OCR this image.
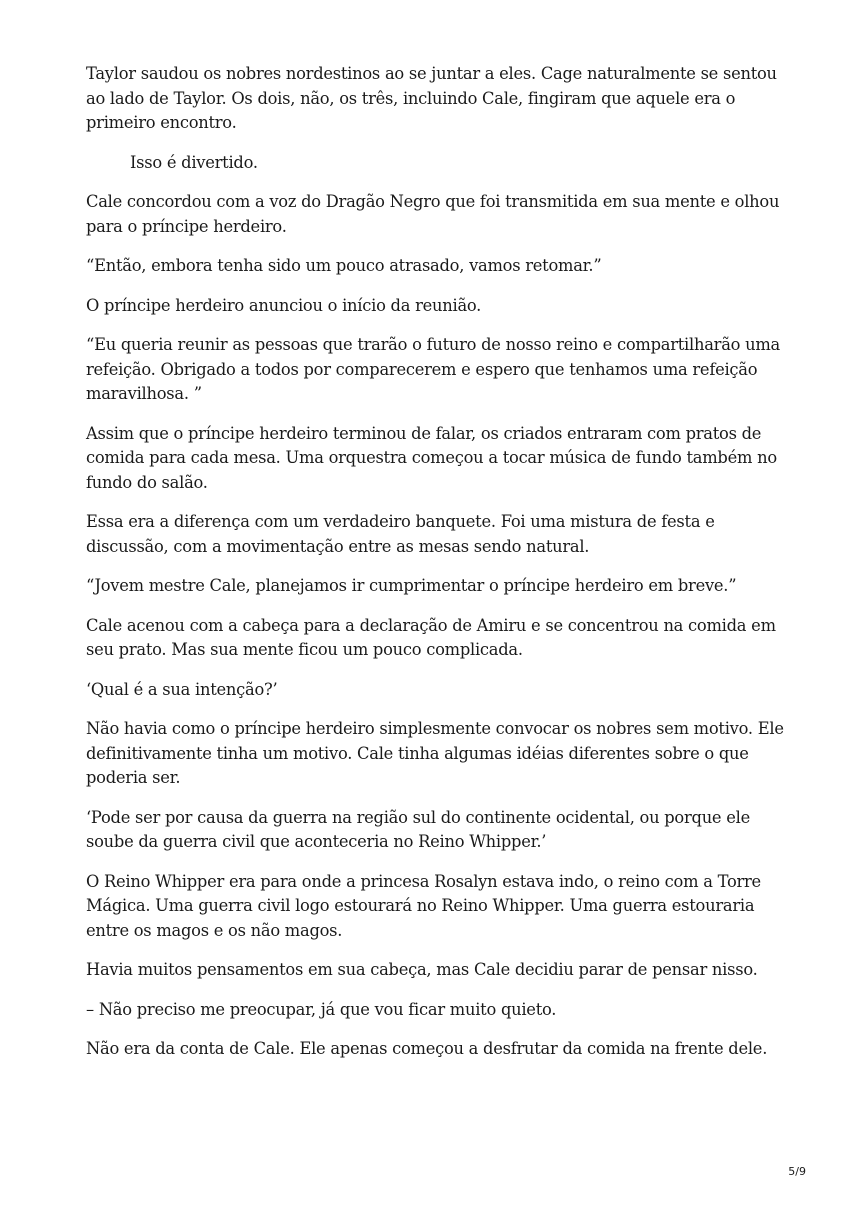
Taylor saudou os nobres nordestinos ao se juntar a eles. Cage naturalmente se sentou ao lado de Taylor. Os dois, não, os três, incluindo Cale, fingiram que aquele era o primeiro encontro.

Isso é divertido.

Cale concordou com a voz do Dragão Negro que foi transmitida em sua mente e olhou para o príncipe herdeiro.

“Então, embora tenha sido um pouco atrasado, vamos retomar.”

O príncipe herdeiro anunciou o início da reunião.

“Eu queria reunir as pessoas que trarão o futuro de nosso reino e compartilharão uma refeição. Obrigado a todos por comparecerem e espero que tenhamos uma refeição maravilhosa. ”

Assim que o príncipe herdeiro terminou de falar, os criados entraram com pratos de comida para cada mesa. Uma orquestra começou a tocar música de fundo também no fundo do salão.

Essa era a diferença com um verdadeiro banquete. Foi uma mistura de festa e discussão, com a movimentação entre as mesas sendo natural.

“Jovem mestre Cale, planejamos ir cumprimentar o príncipe herdeiro em breve.”

Cale acenou com a cabeça para a declaração de Amiru e se concentrou na comida em seu prato. Mas sua mente ficou um pouco complicada.

‘Qual é a sua intenção?’

Não havia como o príncipe herdeiro simplesmente convocar os nobres sem motivo. Ele definitivamente tinha um motivo. Cale tinha algumas idéias diferentes sobre o que poderia ser.

‘Pode ser por causa da guerra na região sul do continente ocidental, ou porque ele soube da guerra civil que aconteceria no Reino Whipper.’

O Reino Whipper era para onde a princesa Rosalyn estava indo, o reino com a Torre Mágica. Uma guerra civil logo estourará no Reino Whipper. Uma guerra estouraria entre os magos e os não magos.

Havia muitos pensamentos em sua cabeça, mas Cale decidiu parar de pensar nisso.

– Não preciso me preocupar, já que vou ficar muito quieto.

Não era da conta de Cale. Ele apenas começou a desfrutar da comida na frente dele.

5/9
